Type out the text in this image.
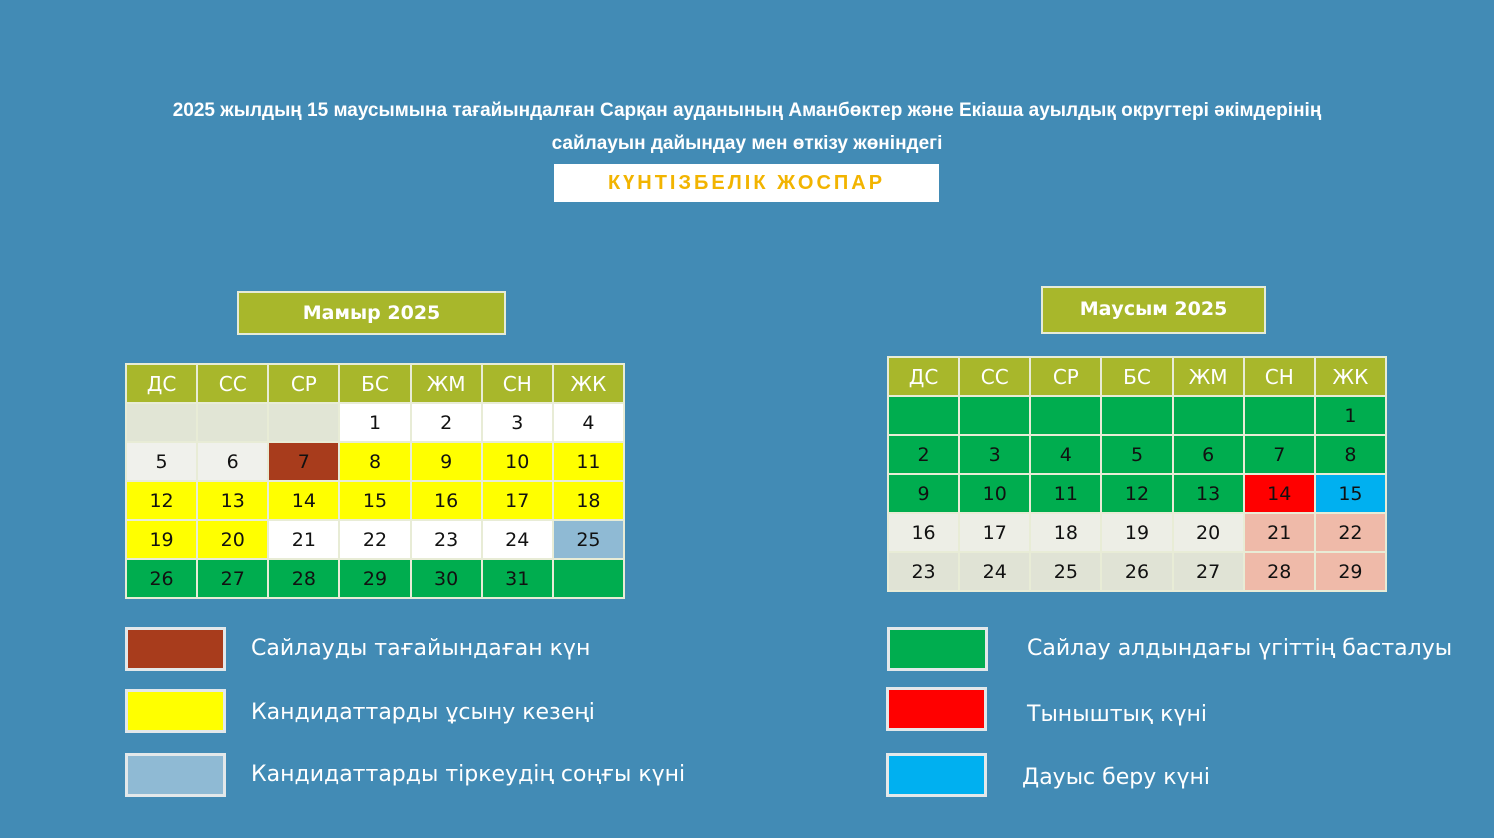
2025 жылдың 15 маусымына тағайындалған Сарқан ауданының Аманбөктер және Екіаша ауылдық округтері әкімдерінің
сайлауын дайындау мен өткізу жөніндегі
КҮНТІЗБЕЛІК ЖОСПАР
Мамыр 2025	Маусым 2025
ДС	СС	СР	БС	ЖМ	СН	ЖК
			1	2	3	4
5	6	7	8	9	10	11
12	13	14	15	16	17	18
19	20	21	22	23	24	25
26	27	28	29	30	31	
ДС	СС	СР	БС	ЖМ	СН	ЖК
						1
2	3	4	5	6	7	8
9	10	11	12	13	14	15
16	17	18	19	20	21	22
23	24	25	26	27	28	29
Сайлауды тағайындаған күн
Кандидаттарды ұсыну кезеңі
Кандидаттарды тіркеудің соңғы күні
Сайлау алдындағы үгіттің басталуы
Тыныштық күні
Дауыс беру күні
